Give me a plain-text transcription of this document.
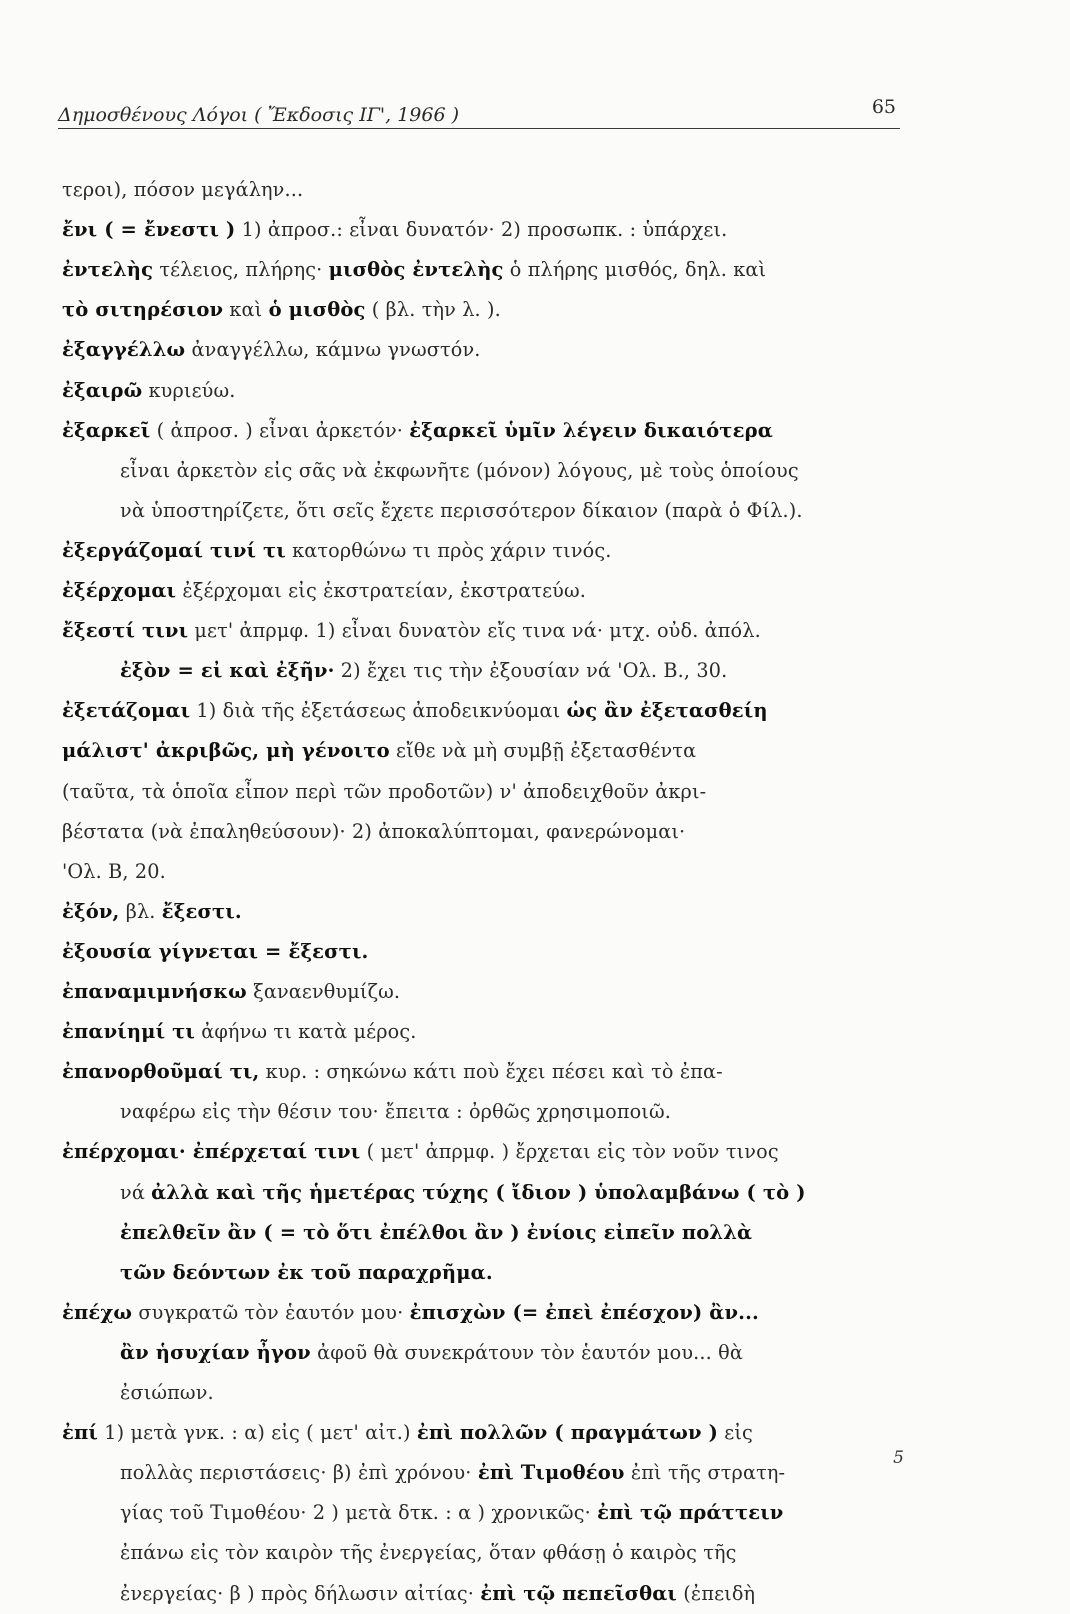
Δημοσθένους Λόγοι ( Ἔκδοσις ΙΓ', 1966 )	65
τεροι), πόσον μεγάλην...
ἔνι ( = ἔνεστι ) 1) ἀπροσ.: εἶναι δυνατόν· 2) προσωπκ. : ὑπάρχει.
ἐντελὴς τέλειος, πλήρης· μισθὸς ἐντελὴς ὁ πλήρης μισθός, δηλ. καὶ
τὸ σιτηρέσιον καὶ ὁ μισθὸς ( βλ. τὴν λ. ).
ἐξαγγέλλω ἀναγγέλλω, κάμνω γνωστόν.
ἐξαιρῶ κυριεύω.
ἐξαρκεῖ ( ἀπροσ. ) εἶναι ἀρκετόν· ἐξαρκεῖ ὑμῖν λέγειν δικαιότερα
εἶναι ἀρκετὸν εἰς σᾶς νὰ ἐκφωνῆτε (μόνον) λόγους, μὲ τοὺς ὁποίους
νὰ ὑποστηρίζετε, ὅτι σεῖς ἔχετε περισσότερον δίκαιον (παρὰ ὁ Φίλ.).
ἐξεργάζομαί τινί τι κατορθώνω τι πρὸς χάριν τινός.
ἐξέρχομαι ἐξέρχομαι εἰς ἐκστρατείαν, ἐκστρατεύω.
ἔξεστί τινι μετ' ἀπρμφ. 1) εἶναι δυνατὸν εἴς τινα νά· μτχ. οὐδ. ἀπόλ.
ἐξὸν = εἰ καὶ ἐξῆν· 2) ἔχει τις τὴν ἐξουσίαν νά 'Ολ. Β., 30.
ἐξετάζομαι 1) διὰ τῆς ἐξετάσεως ἀποδεικνύομαι ὡς ἂν ἐξετασθείη
μάλιστ' ἀκριβῶς, μὴ γένοιτο εἴθε νὰ μὴ συμβῇ ἐξετασθέντα
(ταῦτα, τὰ ὁποῖα εἶπον περὶ τῶν προδοτῶν) ν' ἀποδειχθοῦν ἀκρι-
βέστατα (νὰ ἐπαληθεύσουν)· 2) ἀποκαλύπτομαι, φανερώνομαι·
'Ολ. Β, 20.
ἐξόν, βλ. ἔξεστι.
ἐξουσία γίγνεται = ἔξεστι.
ἐπαναμιμνήσκω ξαναενθυμίζω.
ἐπανίημί τι ἀφήνω τι κατὰ μέρος.
ἐπανορθοῦμαί τι, κυρ. : σηκώνω κάτι ποὺ ἔχει πέσει καὶ τὸ ἐπα-
ναφέρω εἰς τὴν θέσιν του· ἔπειτα : ὀρθῶς χρησιμοποιῶ.
ἐπέρχομαι· ἐπέρχεταί τινι ( μετ' ἀπρμφ. ) ἔρχεται εἰς τὸν νοῦν τινος
νά ἀλλὰ καὶ τῆς ἡμετέρας τύχης ( ἴδιον ) ὑπολαμβάνω ( τὸ )
ἐπελθεῖν ἂν ( = τὸ ὅτι ἐπέλθοι ἂν ) ἐνίοις εἰπεῖν πολλὰ
τῶν δεόντων ἐκ τοῦ παραχρῆμα.
ἐπέχω συγκρατῶ τὸν ἑαυτόν μου· ἐπισχὼν (= ἐπεὶ ἐπέσχον) ἂν...
ἂν ἡσυχίαν ἦγον ἀφοῦ θὰ συνεκράτουν τὸν ἑαυτόν μου... θὰ
ἐσιώπων.
ἐπί 1) μετὰ γνκ. : α) εἰς ( μετ' αἰτ.) ἐπὶ πολλῶν ( πραγμάτων ) εἰς
πολλὰς περιστάσεις· β) ἐπὶ χρόνου· ἐπὶ Τιμοθέου ἐπὶ τῆς στρατη-
γίας τοῦ Τιμοθέου· 2 ) μετὰ δτκ. : α ) χρονικῶς· ἐπὶ τῷ πράττειν
ἐπάνω εἰς τὸν καιρὸν τῆς ἐνεργείας, ὅταν φθάσῃ ὁ καιρὸς τῆς
ἐνεργείας· β ) πρὸς δήλωσιν αἰτίας· ἐπὶ τῷ πεπεῖσθαι (ἐπειδὴ
5
